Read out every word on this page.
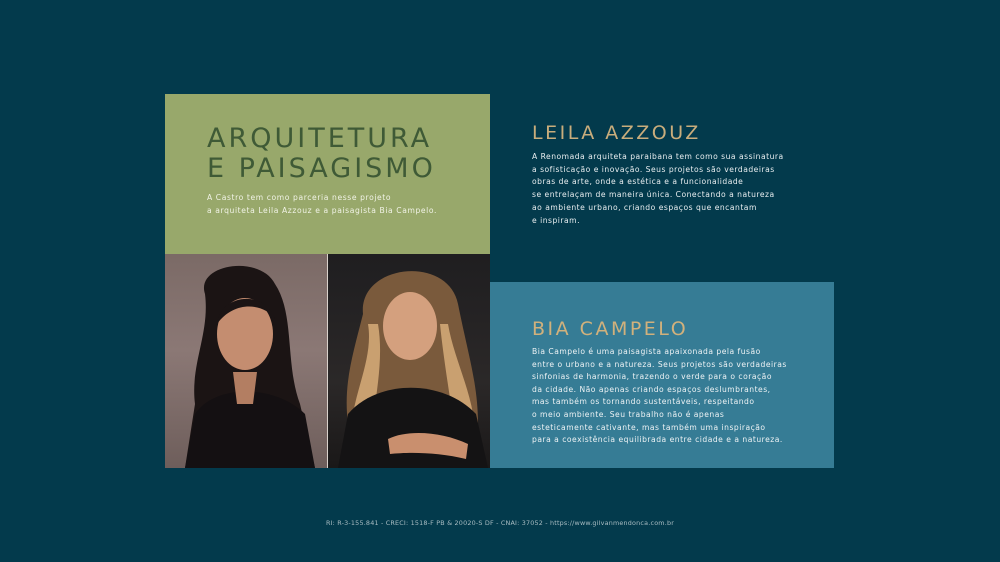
ARQUITETURA
E PAISAGISMO

A Castro tem como parceria nesse projeto
a arquiteta Leila Azzouz e a paisagista Bia Campelo.

LEILA AZZOUZ

A Renomada arquiteta paraibana tem como sua assinatura
a sofisticação e inovação. Seus projetos são verdadeiras
obras de arte, onde a estética e a funcionalidade
se entrelaçam de maneira única. Conectando a natureza
ao ambiente urbano, criando espaços que encantam
e inspiram.

BIA CAMPELO

Bia Campelo é uma paisagista apaixonada pela fusão
entre o urbano e a natureza. Seus projetos são verdadeiras
sinfonias de harmonia, trazendo o verde para o coração
da cidade. Não apenas criando espaços deslumbrantes,
mas também os tornando sustentáveis, respeitando
o meio ambiente. Seu trabalho não é apenas
esteticamente cativante, mas também uma inspiração
para a coexistência equilibrada entre cidade e a natureza.

RI: R-3-155.841 - CRECI: 1518-F PB & 20020-S DF - CNAI: 37052 - https://www.gilvanmendonca.com.br
